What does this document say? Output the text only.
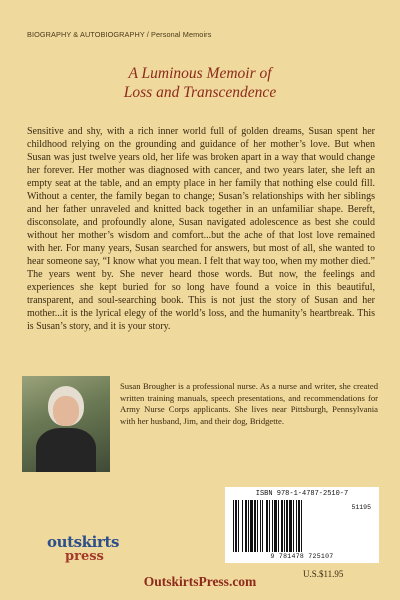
BIOGRAPHY & AUTOBIOGRAPHY / Personal Memoirs
A Luminous Memoir of
Loss and Transcendence
Sensitive and shy, with a rich inner world full of golden dreams, Susan spent her childhood relying on the grounding and guidance of her mother’s love. But when Susan was just twelve years old, her life was broken apart in a way that would change her forever. Her mother was diagnosed with cancer, and two years later, she left an empty seat at the table, and an empty place in her family that nothing else could fill. Without a center, the family began to change; Susan’s relationships with her siblings and her father unraveled and knitted back together in an unfamiliar shape. Bereft, disconsolate, and profoundly alone, Susan navigated adolescence as best she could without her mother’s wisdom and comfort...but the ache of that lost love remained with her. For many years, Susan searched for answers, but most of all, she wanted to hear someone say, “I know what you mean. I felt that way too, when my mother died.” The years went by. She never heard those words. But now, the feelings and experiences she kept buried for so long have found a voice in this beautiful, transparent, and soul-searching book. This is not just the story of Susan and her mother...it is the lyrical elegy of the world’s loss, and the humanity’s heartbreak. This is Susan’s story, and it is your story.
Susan Brougher is a professional nurse. As a nurse and writer, she created written training manuals, speech presentations, and recommendations for Army Nurse Corps applicants. She lives near Pittsburgh, Pennsylvania with her husband, Jim, and their dog, Bridgette.
ISBN 978-1-4787-2510-7
51195
9 781478 725107
outskirts
press
U.S.$11.95
OutskirtsPress.com
